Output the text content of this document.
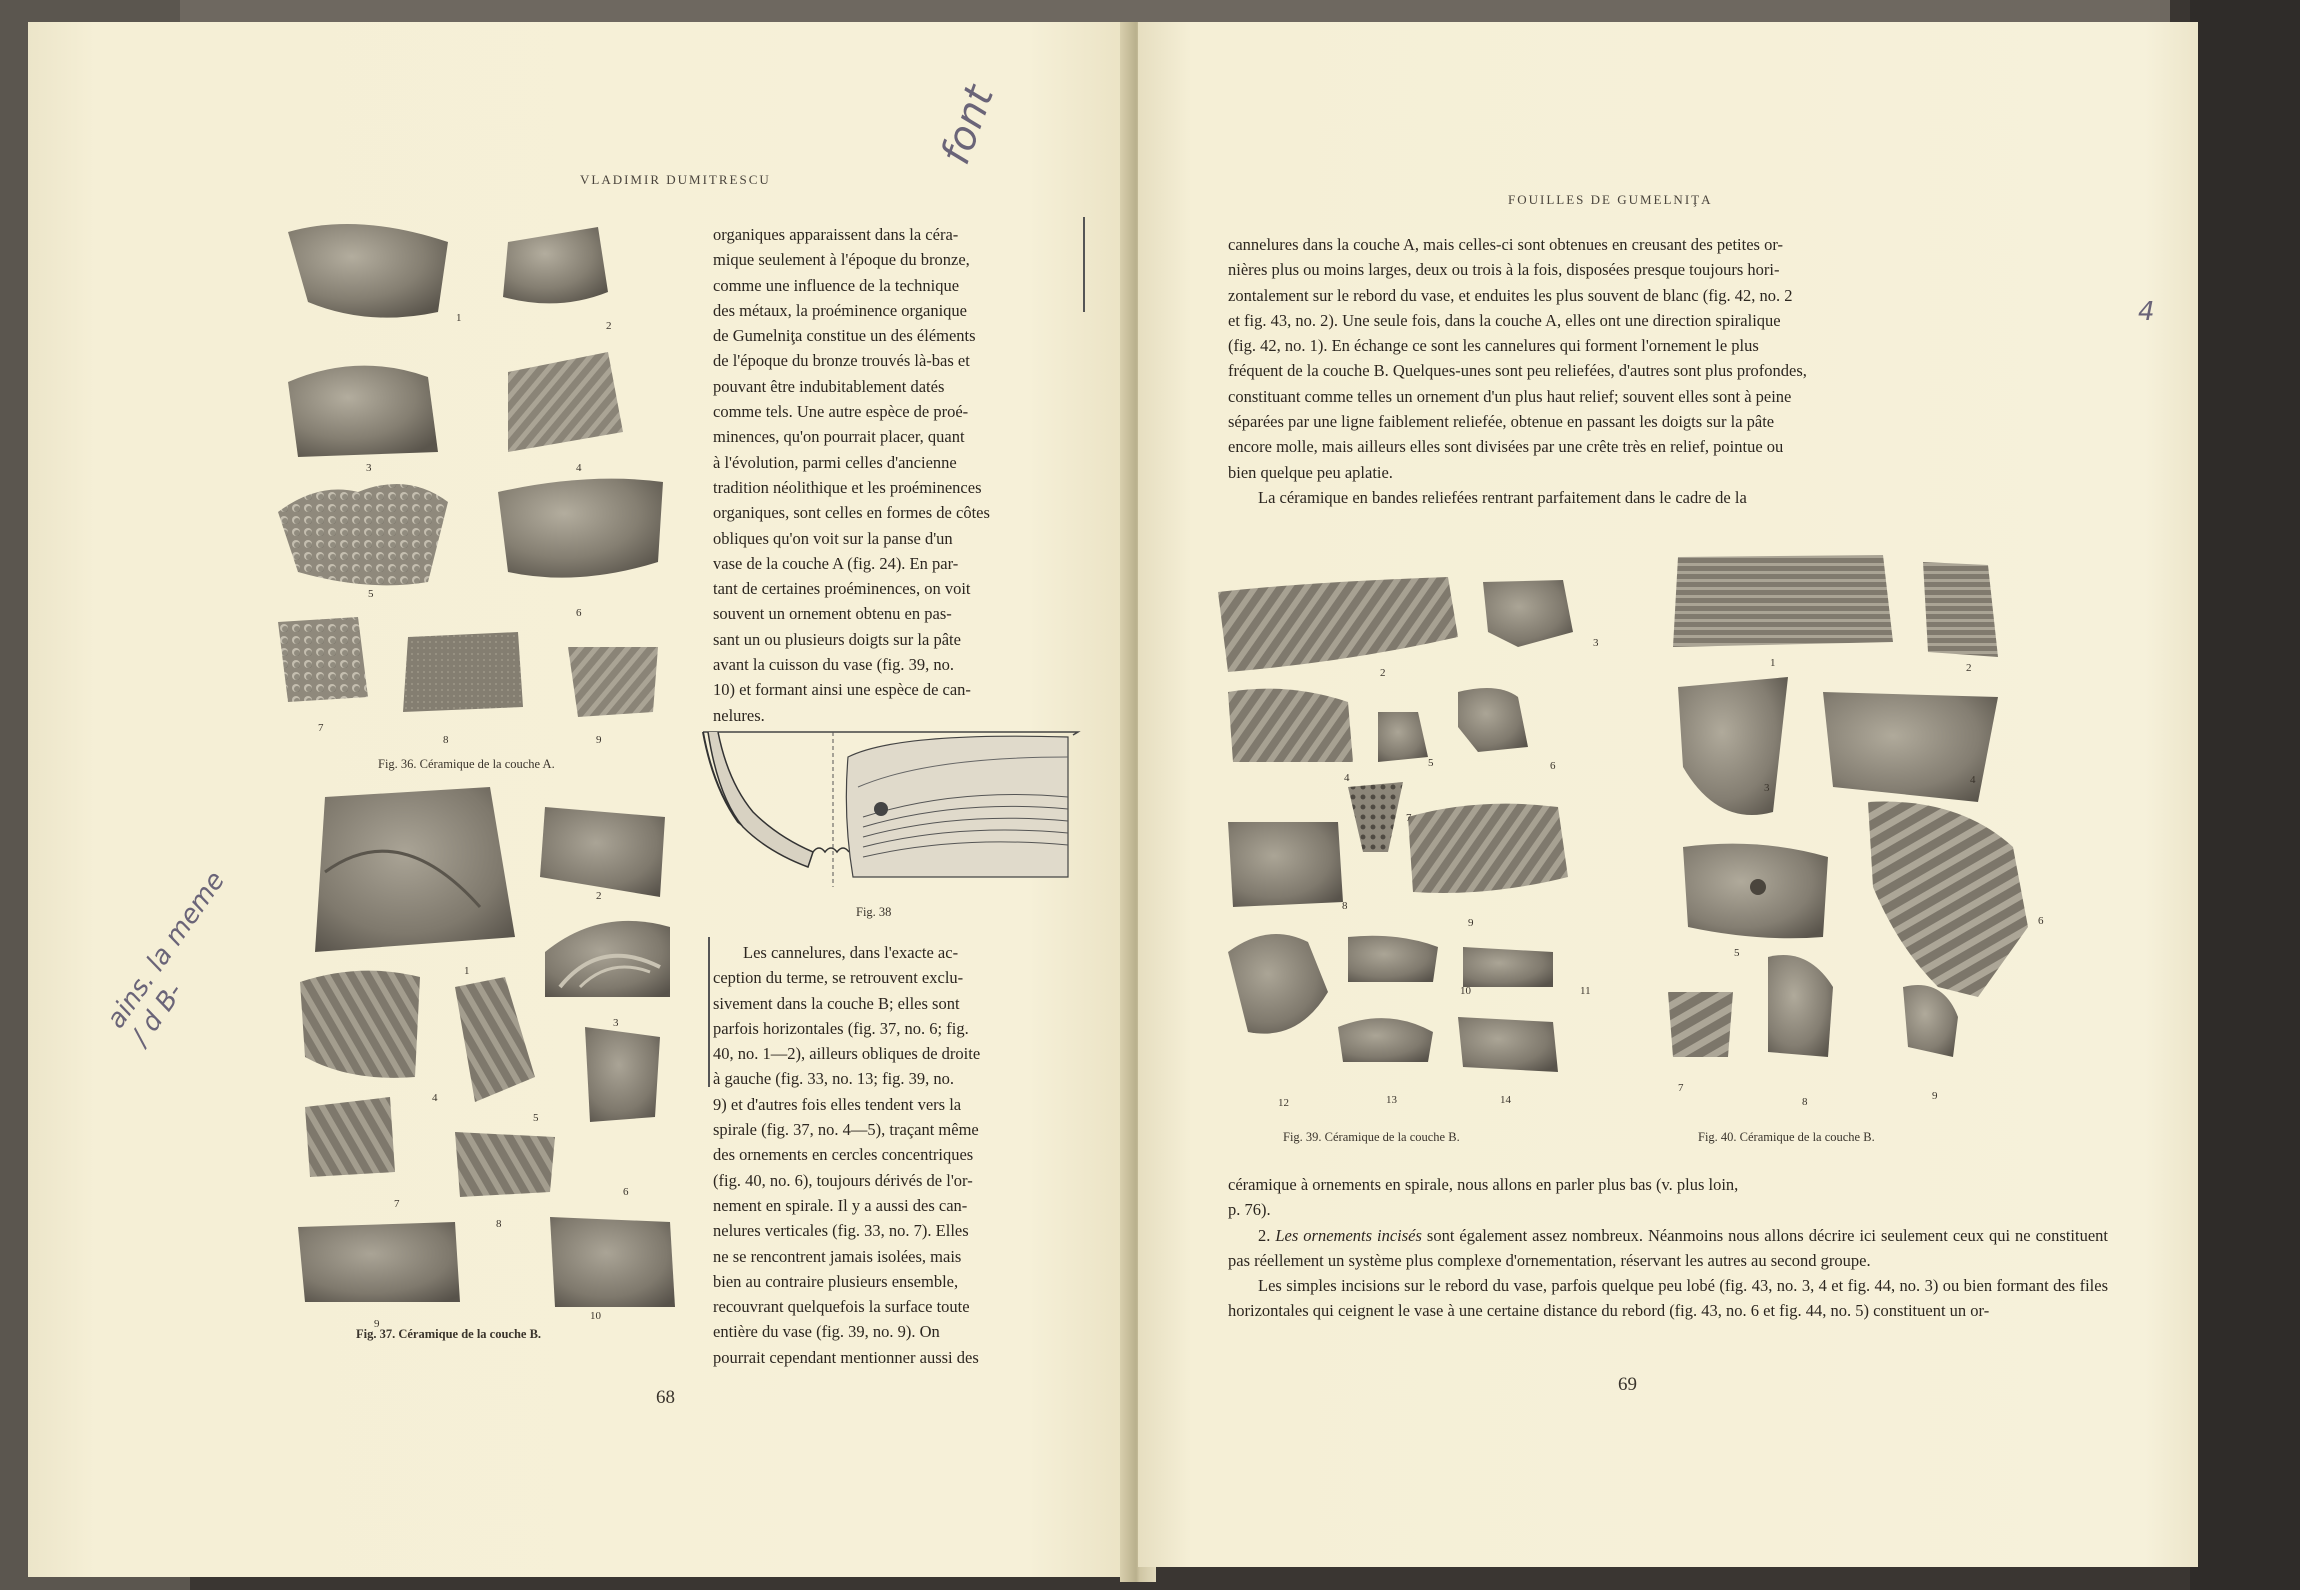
VLADIMIR DUMITRESCU
font
ains. la meme / d B-
1
2
3	4
5
6
7
8	9
Fig. 36. Céramique de la couche A.
1
2
3
4
5
6
7
8
9
10
Fig. 37. Céramique de la couche B.

organiques apparaissent dans la céra-

mique seulement à l'époque du bronze,

comme une influence de la technique

des métaux, la proéminence organique

de Gumelniţa constitue un des éléments

de l'époque du bronze trouvés là-bas et

pouvant être indubitablement datés

comme tels. Une autre espèce de proé-

minences, qu'on pourrait placer, quant

à l'évolution, parmi celles d'ancienne

tradition néolithique et les proéminences

organiques, sont celles en formes de côtes

obliques qu'on voit sur la panse d'un

vase de la couche A (fig. 24). En par-

tant de certaines proéminences, on voit

souvent un ornement obtenu en pas-

sant un ou plusieurs doigts sur la pâte

avant la cuisson du vase (fig. 39, no.

10) et formant ainsi une espèce de can-

nelures.

Fig. 38

Les cannelures, dans l'exacte ac-

ception du terme, se retrouvent exclu-

sivement dans la couche B; elles sont

parfois horizontales (fig. 37, no. 6; fig.

40, no. 1—2), ailleurs obliques de droite

à gauche (fig. 33, no. 13; fig. 39, no.

9) et d'autres fois elles tendent vers la

spirale (fig. 37, no. 4—5), traçant même

des ornements en cercles concentriques

(fig. 40, no. 6), toujours dérivés de l'or-

nement en spirale. Il y a aussi des can-

nelures verticales (fig. 33, no. 7). Elles

ne se rencontrent jamais isolées, mais

bien au contraire plusieurs ensemble,

recouvrant quelquefois la surface toute

entière du vase (fig. 39, no. 9). On

pourrait cependant mentionner aussi des

68
FOUILLES DE GUMELNIŢA

cannelures dans la couche A, mais celles-ci sont obtenues en creusant des petites or-

nières plus ou moins larges, deux ou trois à la fois, disposées presque toujours hori-

zontalement sur le rebord du vase, et enduites les plus souvent de blanc (fig. 42, no. 2

et fig. 43, no. 2). Une seule fois, dans la couche A, elles ont une direction spiralique

(fig. 42, no. 1). En échange ce sont les cannelures qui forment l'ornement le plus

fréquent de la couche B. Quelques-unes sont peu reliefées, d'autres sont plus profondes,

constituant comme telles un ornement d'un plus haut relief; souvent elles sont à peine

séparées par une ligne faiblement reliefée, obtenue en passant les doigts sur la pâte

encore molle, mais ailleurs elles sont divisées par une crête très en relief, pointue ou

bien quelque peu aplatie.

La céramique en bandes reliefées rentrant parfaitement dans le cadre de la

4
2
3
4
5	6
7
8
9
10	11
12	13	14
Fig. 39. Céramique de la couche B.
1	2
3
4
5
6
7
8	9
Fig. 40. Céramique de la couche B.

céramique à ornements en spirale, nous allons en parler plus bas (v. plus loin,

p. 76).

2. Les ornements incisés sont également assez nombreux. Néanmoins nous allons décrire ici seulement ceux qui ne constituent pas réellement un système plus complexe d'ornementation, réservant les autres au second groupe.

Les simples incisions sur le rebord du vase, parfois quelque peu lobé (fig. 43, no. 3, 4 et fig. 44, no. 3) ou bien formant des files horizontales qui ceignent le vase à une certaine distance du rebord (fig. 43, no. 6 et fig. 44, no. 5) constituent un or-

69
